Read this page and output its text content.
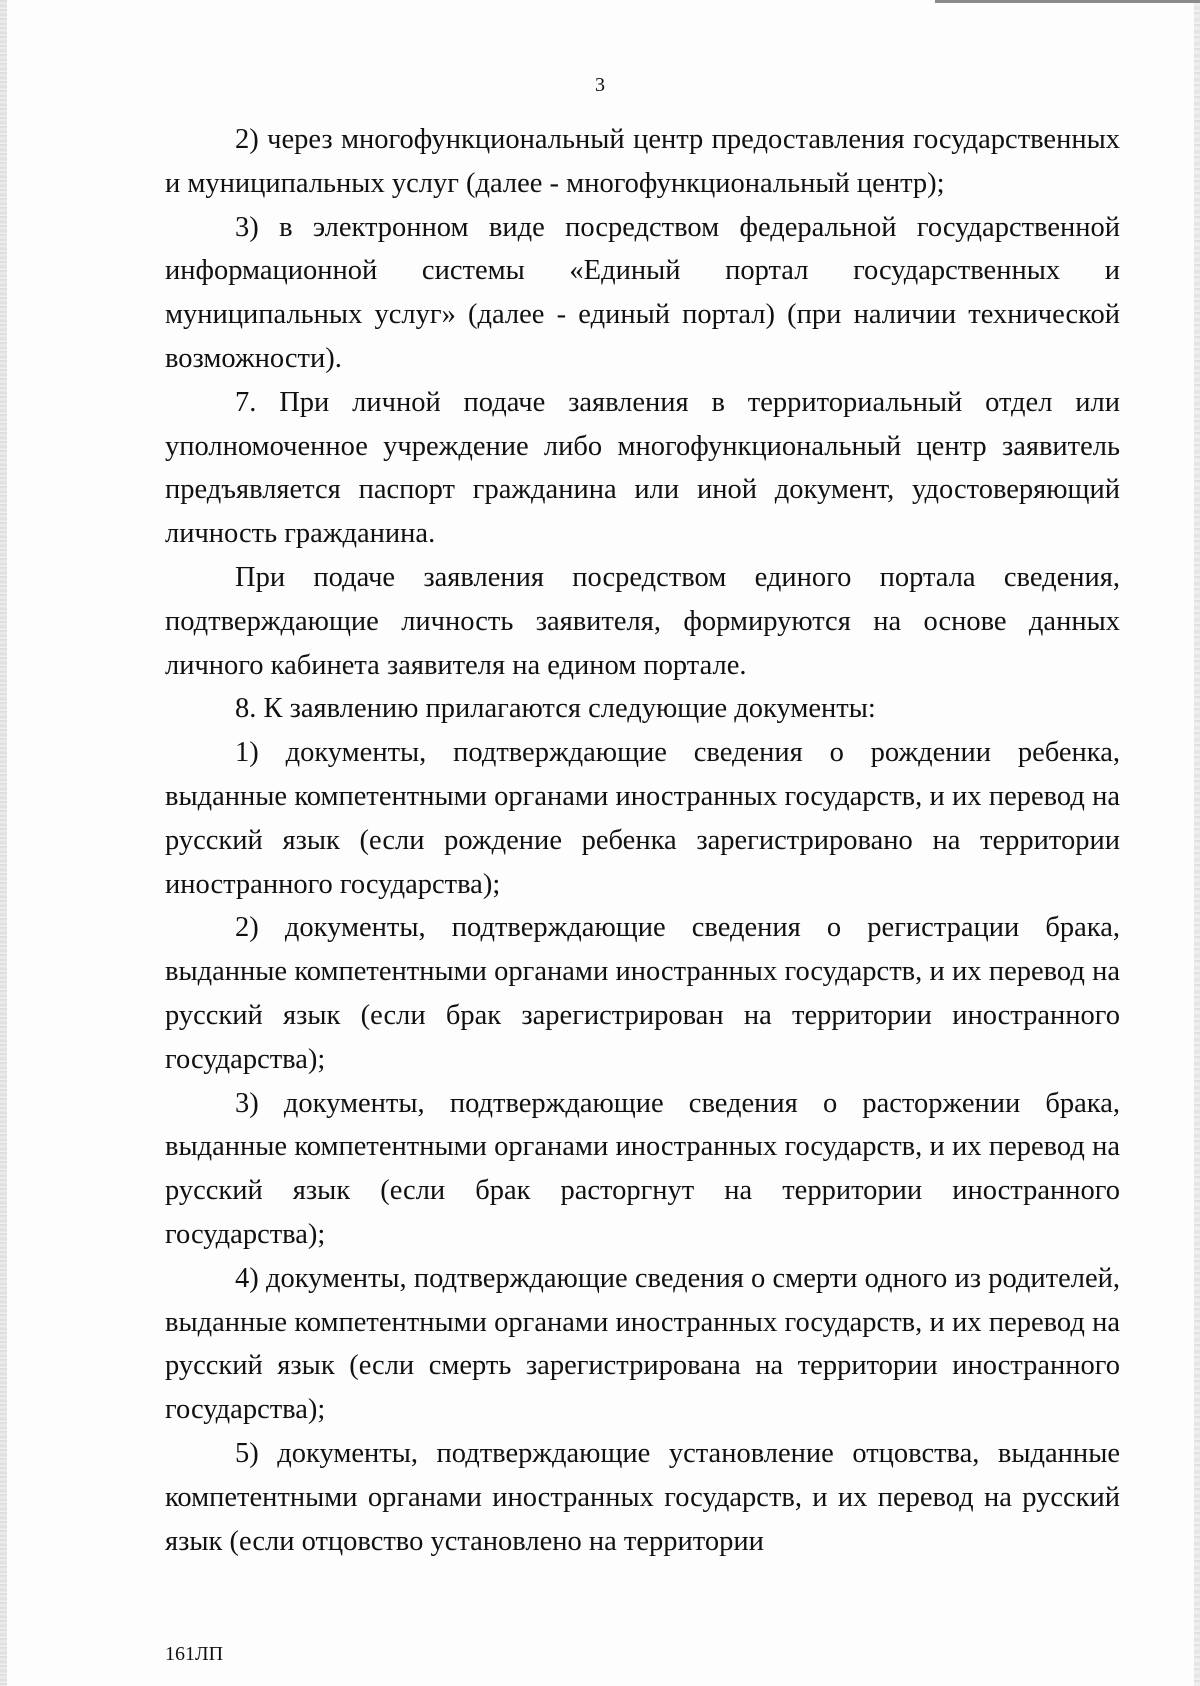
3

2) через многофункциональный центр предоставления государственных и муниципальных услуг (далее - многофункциональный центр);

3) в электронном виде посредством федеральной государственной информационной системы «Единый портал государственных и муниципальных услуг» (далее - единый портал) (при наличии технической возможности).

7. При личной подаче заявления в территориальный отдел или уполномоченное учреждение либо многофункциональный центр заявитель предъявляется паспорт гражданина или иной документ, удостоверяющий личность гражданина.

При подаче заявления посредством единого портала сведения, подтверждающие личность заявителя, формируются на основе данных личного кабинета заявителя на едином портале.

8. К заявлению прилагаются следующие документы:

1) документы, подтверждающие сведения о рождении ребенка, выданные компетентными органами иностранных государств, и их перевод на русский язык (если рождение ребенка зарегистрировано на территории иностранного государства);

2) документы, подтверждающие сведения о регистрации брака, выданные компетентными органами иностранных государств, и их перевод на русский язык (если брак зарегистрирован на территории иностранного государства);

3) документы, подтверждающие сведения о расторжении брака, выданные компетентными органами иностранных государств, и их перевод на русский язык (если брак расторгнут на территории иностранного государства);

4) документы, подтверждающие сведения о смерти одного из родителей, выданные компетентными органами иностранных государств, и их перевод на русский язык (если смерть зарегистрирована на территории иностранного государства);

5) документы, подтверждающие установление отцовства, выданные компетентными органами иностранных государств, и их перевод на русский язык (если отцовство установлено на территории

161ЛП
